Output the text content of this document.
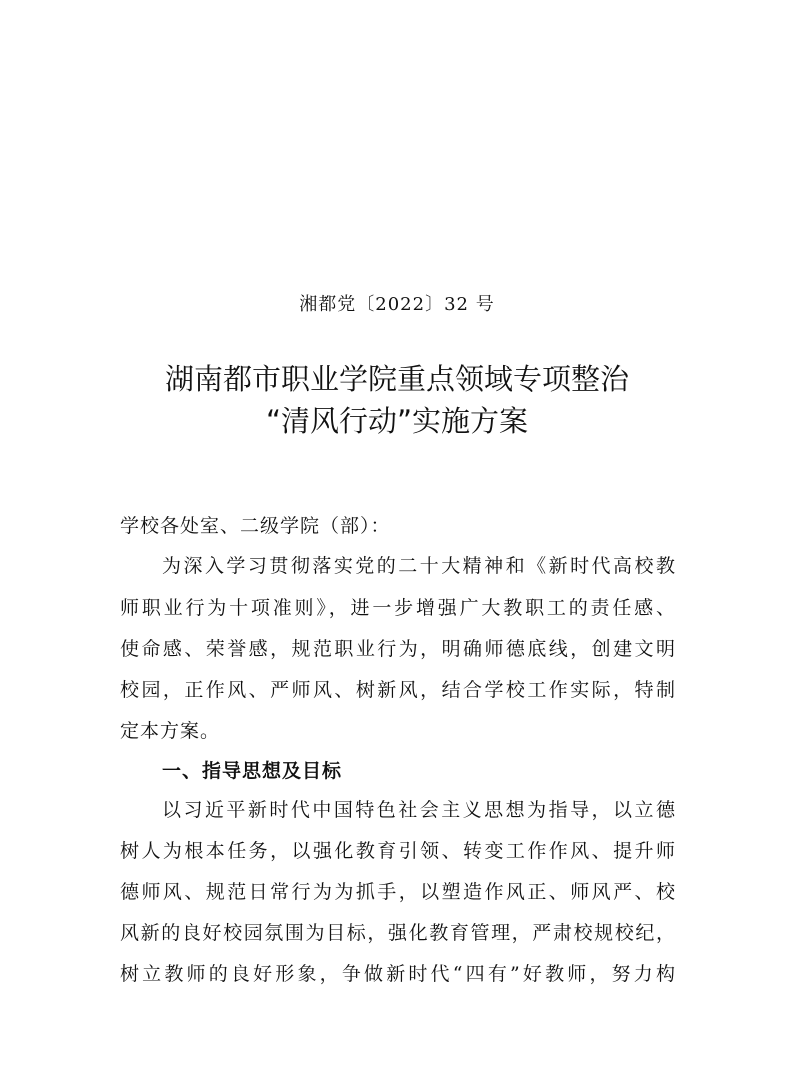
湘都党〔2022〕32 号
湖南都市职业学院重点领域专项整治
“清风行动”实施方案
学校各处室、二级学院（部）：
为深入学习贯彻落实党的二十大精神和《新时代高校教
师职业行为十项准则》，进一步增强广大教职工的责任感、
使命感、荣誉感，规范职业行为，明确师德底线，创建文明
校园，正作风、严师风、树新风，结合学校工作实际，特制
定本方案。
一、指导思想及目标
以习近平新时代中国特色社会主义思想为指导，以立德
树人为根本任务，以强化教育引领、转变工作作风、提升师
德师风、规范日常行为为抓手，以塑造作风正、师风严、校
风新的良好校园氛围为目标，强化教育管理，严肃校规校纪，
树立教师的良好形象，争做新时代“四有”好教师，努力构
